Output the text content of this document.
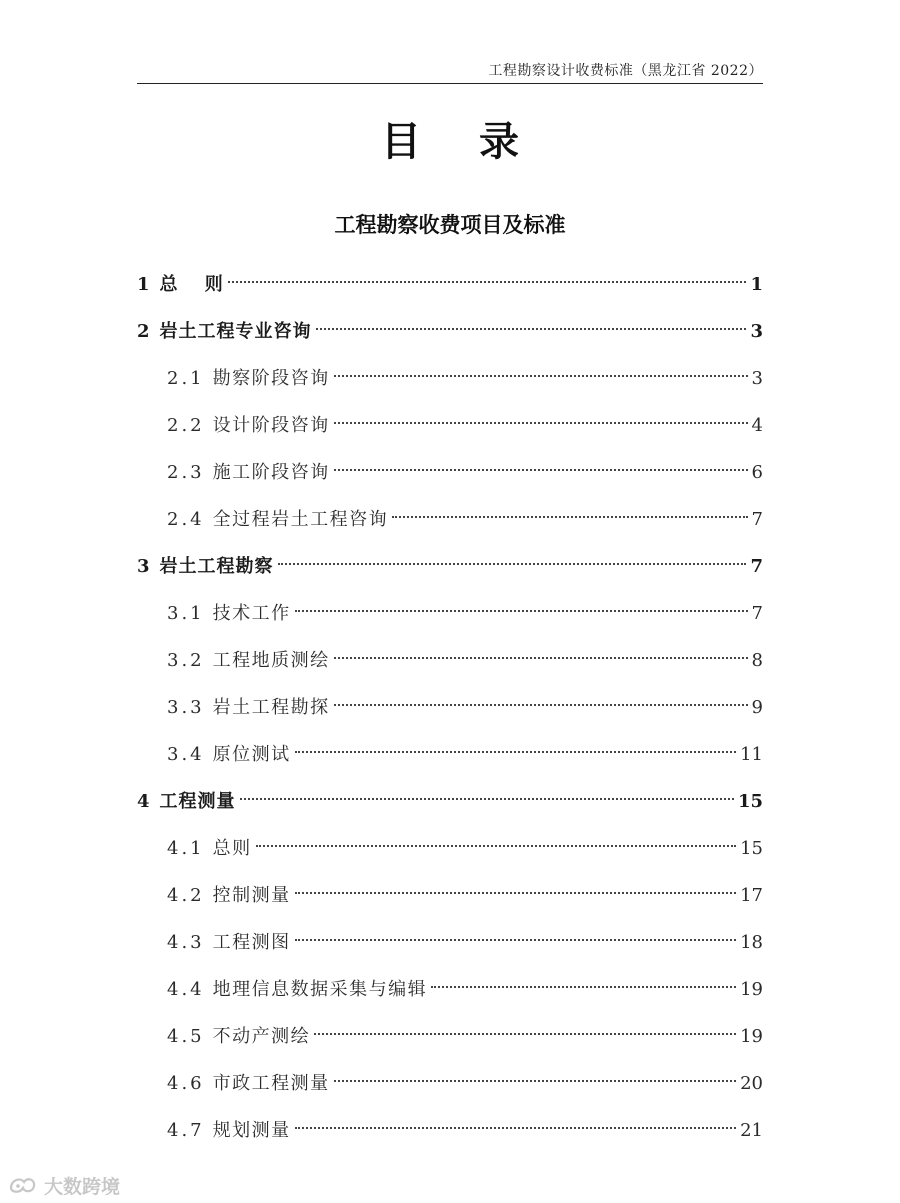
工程勘察设计收费标准（黑龙江省 2022）
目 录
工程勘察收费项目及标准
1 总　 则	1
2 岩土工程专业咨询	3
2.1 勘察阶段咨询	3
2.2 设计阶段咨询	4
2.3 施工阶段咨询	6
2.4 全过程岩土工程咨询	7
3 岩土工程勘察	7
3.1 技术工作	7
3.2 工程地质测绘	8
3.3 岩土工程勘探	9
3.4 原位测试	11
4 工程测量	15
4.1 总则	15
4.2 控制测量	17
4.3 工程测图	18
4.4 地理信息数据采集与编辑	19
4.5 不动产测绘	19
4.6 市政工程测量	20
4.7 规划测量	21
大数跨境
